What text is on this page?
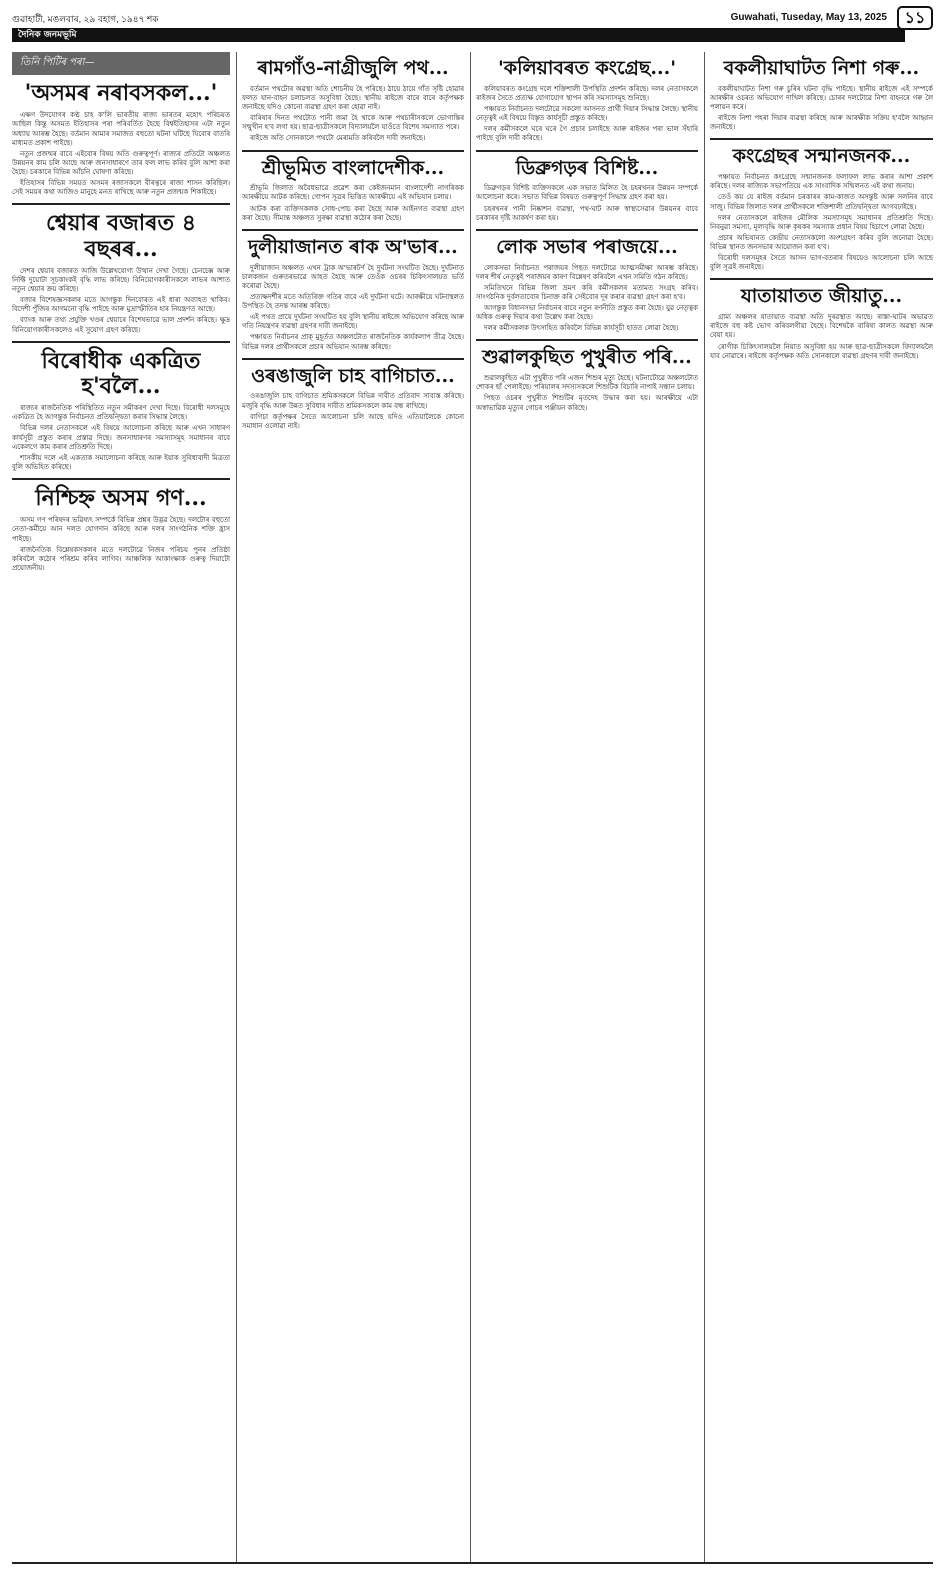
গুৱাহাটী, মঙলবাৰ, ২৯ বহাগ, ১৯৪৭ শক	Guwahati, Tuseday, May 13, 2025	১১
দৈনিক জনমভূমি
তিনি পিটিৰ পৰা—
'অসমৰ নৰাবসকল...'

এক্ষণ উদযোগৰ কণ্ঠ চাহ ক'লি ভাৰতীয় ৰাজ্য ভাৰতৰ মহোৎ পৰিচয়ত আছিল কিন্তু অসমত ইতিহাসৰ পৰা পৰিবৰ্তিত হৈছে বিশ্বইতিহাসৰ এটা নতুন অধ্যায় আৰম্ভ হৈছে। বৰ্তমান আমাৰ সমাজত বহুতো ঘটনা ঘটিছে যিবোৰ বাতৰি মাধ্যমত প্ৰকাশ পাইছে।

নতুন প্ৰজন্মৰ বাবে এইবোৰ বিষয় অতি গুৰুত্বপূৰ্ণ। ৰাজ্যৰ প্ৰতিটো অঞ্চলত উন্নয়নৰ কাম চলি আছে আৰু জনসাধাৰণে তাৰ ফল লাভ কৰিব বুলি আশা কৰা হৈছে। চৰকাৰে বিভিন্ন আঁচনি ঘোষণা কৰিছে।

ইতিহাসৰ বিভিন্ন সময়ত অসমৰ ৰজাসকলে বীৰত্বৰে ৰাজ্য শাসন কৰিছিল। সেই সময়ৰ কথা আজিও মানুহে মনত ৰাখিছে আৰু নতুন প্ৰজন্মক শিকাইছে।

শ্বেয়াৰ বজাৰত ৪ বছৰৰ...

দেশৰ শ্বেয়াৰ বজাৰত আজি উল্লেখযোগ্য উত্থান দেখা গৈছে। চেনচেক্স আৰু নিফ্টি দুয়োটা সূচকাংকই বৃদ্ধি লাভ কৰিছে। বিনিয়োগকাৰীসকলে লাভৰ আশাত নতুন শ্বেয়াৰ ক্ৰয় কৰিছে।

বজাৰ বিশেষজ্ঞসকলৰ মতে আগন্তুক দিনবোৰত এই ধাৰা অব্যাহত থাকিব। বিদেশী পুঁজিৰ আগমনো বৃদ্ধি পাইছে আৰু মুদ্ৰাস্ফীতিৰ হাৰ নিয়ন্ত্ৰণত আছে।

ব্যাংক আৰু তথ্য প্ৰযুক্তি খণ্ডৰ শ্বেয়াৰে বিশেষভাৱে ভাল প্ৰদৰ্শন কৰিছে। ক্ষুদ্ৰ বিনিয়োগকাৰীসকলেও এই সুযোগ গ্ৰহণ কৰিছে।

বিৰোধীক একত্ৰিত হ'বলৈ...

ৰাজ্যৰ ৰাজনৈতিক পৰিস্থিতিত নতুন সমীকৰণ দেখা দিছে। বিৰোধী দলসমূহে একত্ৰিত হৈ আগন্তুক নিৰ্বাচনত প্ৰতিদ্বন্দ্বিতা কৰাৰ সিদ্ধান্ত লৈছে।

বিভিন্ন দলৰ নেতাসকলে এই বিষয়ে আলোচনা কৰিছে আৰু এখন সাধাৰণ কাৰ্যসূচী প্ৰস্তুত কৰাৰ প্ৰস্তাৱ দিছে। জনসাধাৰণৰ সমস্যাসমূহ সমাধানৰ বাবে একেলগে কাম কৰাৰ প্ৰতিশ্ৰুতি দিছে।

শাসকীয় দলে এই একতাক সমালোচনা কৰিছে আৰু ইয়াক সুবিধাবাদী মিত্ৰতা বুলি অভিহিত কৰিছে।

নিশ্চিহ্ন অসম গণ...

অসম গণ পৰিষদৰ ভৱিষ্যৎ সম্পৰ্কে বিভিন্ন প্ৰশ্নৰ উদ্ভৱ হৈছে। দলটোৰ বহুতো নেতা-কৰ্মীয়ে আন দলত যোগদান কৰিছে আৰু দলৰ সাংগঠনিক শক্তি হ্ৰাস পাইছে।

ৰাজনৈতিক বিশ্লেষকসকলৰ মতে দলটোৱে নিজৰ পৰিচয় পুনৰ প্ৰতিষ্ঠা কৰিবলৈ কঠোৰ পৰিশ্ৰম কৰিব লাগিব। আঞ্চলিক আকাংক্ষাক গুৰুত্ব দিয়াটো প্ৰয়োজনীয়।

ৰামগাঁও-নাগ্ৰীজুলি পথ...

বৰ্তমান পথটোৰ অৱস্থা অতি শোচনীয় হৈ পৰিছে। ঠায়ে ঠায়ে গাঁত সৃষ্টি হোৱাৰ ফলত যান-বাহন চলাচলত অসুবিধা হৈছে। স্থানীয় ৰাইজে বাৰে বাৰে কৰ্তৃপক্ষক জনাইছে যদিও কোনো ব্যৱস্থা গ্ৰহণ কৰা হোৱা নাই।

বাৰিষাৰ দিনত পথটোত পানী জমা হৈ থাকে আৰু পথচাৰীসকলে ভোগান্তিৰ সন্মুখীন হ'ব লগা হয়। ছাত্ৰ-ছাত্ৰীসকলে বিদ্যালয়লৈ যাওঁতে বিশেষ সমস্যাত পৰে।

ৰাইজে অতি সোনকালে পথটো মেৰামতি কৰিবলৈ দাবী জনাইছে।

শ্ৰীভূমিত বাংলাদেশীক...

শ্ৰীভূমি জিলাত অবৈধভাৱে প্ৰৱেশ কৰা কেইজনমান বাংলাদেশী নাগৰিকক আৰক্ষীয়ে আটক কৰিছে। গোপন সূত্ৰৰ ভিত্তিত আৰক্ষীয়ে এই অভিযান চলায়।

আটক কৰা ব্যক্তিসকলক সোধ-পোচ কৰা হৈছে আৰু আইনগত ব্যৱস্থা গ্ৰহণ কৰা হৈছে। সীমান্ত অঞ্চলত সুৰক্ষা ব্যৱস্থা কঠোৰ কৰা হৈছে।

দুলীয়াজানত ৰাক অ'ভাৰ...

দুলীয়াজান অঞ্চলত এখন ট্ৰাক অ'ভাৰটৰ্ণ হৈ দুৰ্ঘটনা সংঘটিত হৈছে। দুৰ্ঘটনাত চালকজন গুৰুতৰভাৱে আহত হৈছে আৰু তেওঁক ওচৰৰ চিকিৎসালয়ত ভৰ্তি কৰোৱা হৈছে।

প্ৰত্যক্ষদৰ্শীৰ মতে অতিৰিক্ত গতিৰ বাবে এই দুৰ্ঘটনা ঘটে। আৰক্ষীয়ে ঘটনাস্থলত উপস্থিত হৈ তদন্ত আৰম্ভ কৰিছে।

এই পথত প্ৰায়ে দুৰ্ঘটনা সংঘটিত হয় বুলি স্থানীয় ৰাইজে অভিযোগ কৰিছে আৰু গতি নিয়ন্ত্ৰণৰ ব্যৱস্থা গ্ৰহণৰ দাবী জনাইছে।

পঞ্চায়ত নিৰ্বাচনৰ প্ৰাক্ মুহূৰ্তত অঞ্চলটোত ৰাজনৈতিক কাৰ্যকলাপ তীব্ৰ হৈছে। বিভিন্ন দলৰ প্ৰাৰ্থীসকলে প্ৰচাৰ অভিযান আৰম্ভ কৰিছে।

ওৰঙাজুলি চাহ বাগিচাত...

ওৰঙাজুলি চাহ বাগিচাত শ্ৰমিকসকলে বিভিন্ন দাবীত প্ৰতিবাদ সাব্যস্ত কৰিছে। মজুৰি বৃদ্ধি আৰু উন্নত সুবিধাৰ দাবীত শ্ৰমিকসকলে কাম বন্ধ ৰাখিছে।

বাগিচা কৰ্তৃপক্ষৰ সৈতে আলোচনা চলি আছে যদিও এতিয়ালৈকে কোনো সমাধান ওলোৱা নাই।

'কলিয়াবৰত কংগ্ৰেছ...'

কলিয়াবৰত কংগ্ৰেছ দলে শক্তিশালী উপস্থিতি প্ৰদৰ্শন কৰিছে। দলৰ নেতাসকলে ৰাইজৰ সৈতে প্ৰত্যক্ষ যোগাযোগ স্থাপন কৰি সমস্যাসমূহ শুনিছে।

পঞ্চায়ত নিৰ্বাচনত দলটোৱে সকলো আসনত প্ৰাৰ্থী দিয়াৰ সিদ্ধান্ত লৈছে। স্থানীয় নেতৃত্বই এই বিষয়ে বিস্তৃত কাৰ্যসূচী প্ৰস্তুত কৰিছে।

দলৰ কৰ্মীসকলে ঘৰে ঘৰে গৈ প্ৰচাৰ চলাইছে আৰু ৰাইজৰ পৰা ভাল সঁহাৰি পাইছে বুলি দাবী কৰিছে।

ডিব্ৰুগড়ৰ বিশিষ্ট...

ডিব্ৰুগড়ৰ বিশিষ্ট ব্যক্তিসকলে এক সভাত মিলিত হৈ চহৰখনৰ উন্নয়ন সম্পৰ্কে আলোচনা কৰে। সভাত বিভিন্ন বিষয়ত গুৰুত্বপূৰ্ণ সিদ্ধান্ত গ্ৰহণ কৰা হয়।

চহৰখনৰ পানী নিষ্কাশন ব্যৱস্থা, পথ-ঘাট আৰু স্বাস্থ্যসেৱাৰ উন্নয়নৰ বাবে চৰকাৰৰ দৃষ্টি আকৰ্ষণ কৰা হয়।

লোক সভাৰ পৰাজয়ে...

লোকসভা নিৰ্বাচনত পৰাজয়ৰ পিছত দলটোৱে আত্মসমীক্ষা আৰম্ভ কৰিছে। দলৰ শীৰ্ষ নেতৃত্বই পৰাজয়ৰ কাৰণ বিশ্লেষণ কৰিবলৈ এখন সমিতি গঠন কৰিছে।

সমিতিখনে বিভিন্ন জিলা ভ্ৰমণ কৰি কৰ্মীসকলৰ মতামত সংগ্ৰহ কৰিব। সাংগঠনিক দুৰ্বলতাবোৰ চিনাক্ত কৰি সেইবোৰ দূৰ কৰাৰ ব্যৱস্থা গ্ৰহণ কৰা হ'ব।

আগন্তুক বিধানসভা নিৰ্বাচনৰ বাবে নতুন ৰণনীতি প্ৰস্তুত কৰা হৈছে। যুৱ নেতৃত্বক অধিক গুৰুত্ব দিয়াৰ কথা উল্লেখ কৰা হৈছে।

দলৰ কৰ্মীসকলক উৎসাহিত কৰিবলৈ বিভিন্ন কাৰ্যসূচী হাতত লোৱা হৈছে।

শুৱালকুছিত পুখুৰীত পৰি...

শুৱালকুছিত এটা পুখুৰীত পৰি এজন শিশুৰ মৃত্যু হৈছে। ঘটনাটোৱে অঞ্চলটোত শোকৰ ছাঁ পেলাইছে। পৰিয়ালৰ সদস্যসকলে শিশুটিক বিচাৰি নাপাই সন্ধান চলায়।

পিছত ওচৰৰ পুখুৰীত শিশুটিৰ মৃতদেহ উদ্ধাৰ কৰা হয়। আৰক্ষীয়ে এটা অস্বাভাৱিক মৃত্যুৰ গোচৰ পঞ্জীয়ন কৰিছে।

বকলীয়াঘাটত নিশা গৰু...

বকলীয়াঘাটত নিশা গৰু চুৰিৰ ঘটনা বৃদ্ধি পাইছে। স্থানীয় ৰাইজে এই সম্পৰ্কে আৰক্ষীৰ ওচৰত অভিযোগ দাখিল কৰিছে। চোৰৰ দলটোৱে নিশা বাহনৰে গৰু লৈ পলায়ন কৰে।

ৰাইজে নিশা পহৰা দিয়াৰ ব্যৱস্থা কৰিছে আৰু আৰক্ষীক সক্ৰিয় হ'বলৈ আহ্বান জনাইছে।

কংগ্ৰেছৰ সন্মানজনক...

পঞ্চায়ত নিৰ্বাচনত কংগ্ৰেছে সন্মানজনক ফলাফল লাভ কৰাৰ আশা প্ৰকাশ কৰিছে। দলৰ ৰাজ্যিক সভাপতিয়ে এক সাংবাদিক সন্মিলনত এই কথা জনায়।

তেওঁ কয় যে ৰাইজ বৰ্তমান চৰকাৰৰ কাম-কাজত অসন্তুষ্ট আৰু সলনিৰ বাবে সাজু। বিভিন্ন জিলাত দলৰ প্ৰাৰ্থীসকলে শক্তিশালী প্ৰতিদ্বন্দ্বিতা আগবঢ়াইছে।

দলৰ নেতাসকলে ৰাইজৰ মৌলিক সমস্যাসমূহ সমাধানৰ প্ৰতিশ্ৰুতি দিছে। নিবনুৱা সমস্যা, মূল্যবৃদ্ধি আৰু কৃষকৰ সমস্যাক প্ৰধান বিষয় হিচাপে লোৱা হৈছে।

প্ৰচাৰ অভিযানত কেন্দ্ৰীয় নেতাসকলো অংশগ্ৰহণ কৰিব বুলি জনোৱা হৈছে। বিভিন্ন স্থানত জনসভাৰ আয়োজন কৰা হ'ব।

বিৰোধী দলসমূহৰ সৈতে আসন ভাগ-বতৰাৰ বিষয়েও আলোচনা চলি আছে বুলি সূত্ৰই জনাইছে।

যাতায়াতত জীয়াতু...

গ্ৰাম্য অঞ্চলৰ যাতায়াত ব্যৱস্থা অতি দুৰৱস্থাত আছে। ৰাস্তা-ঘাটৰ অভাৱত ৰাইজে বহু কষ্ট ভোগ কৰিবলগীয়া হৈছে। বিশেষকৈ বাৰিষা কালত অৱস্থা আৰু বেয়া হয়।

ৰোগীক চিকিৎসালয়লৈ নিয়াত অসুবিধা হয় আৰু ছাত্ৰ-ছাত্ৰীসকলে বিদ্যালয়লৈ যাব নোৱাৰে। ৰাইজে কৰ্তৃপক্ষক অতি সোনকালে ব্যৱস্থা গ্ৰহণৰ দাবী জনাইছে।
